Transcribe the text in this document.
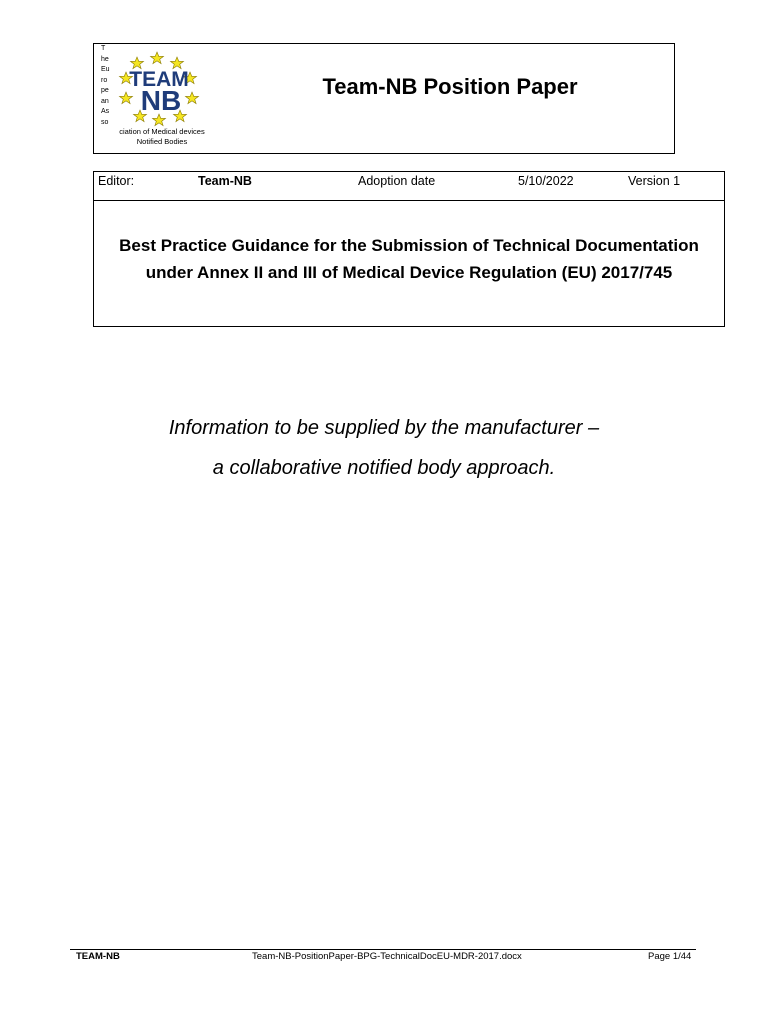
T
he
Eu
ro
pe
an
As
so
TEAM
NB
ciation of Medical devices
Notified Bodies
Team-NB Position Paper
Editor:	Team-NB	Adoption date	5/10/2022	Version 1
Best Practice Guidance for the Submission of Technical Documentation
under Annex II and III of Medical Device Regulation (EU) 2017/745
Information to be supplied by the manufacturer –
a collaborative notified body approach.
TEAM-NB	Team-NB-PositionPaper-BPG-TechnicalDocEU-MDR-2017.docx	Page 1/44
